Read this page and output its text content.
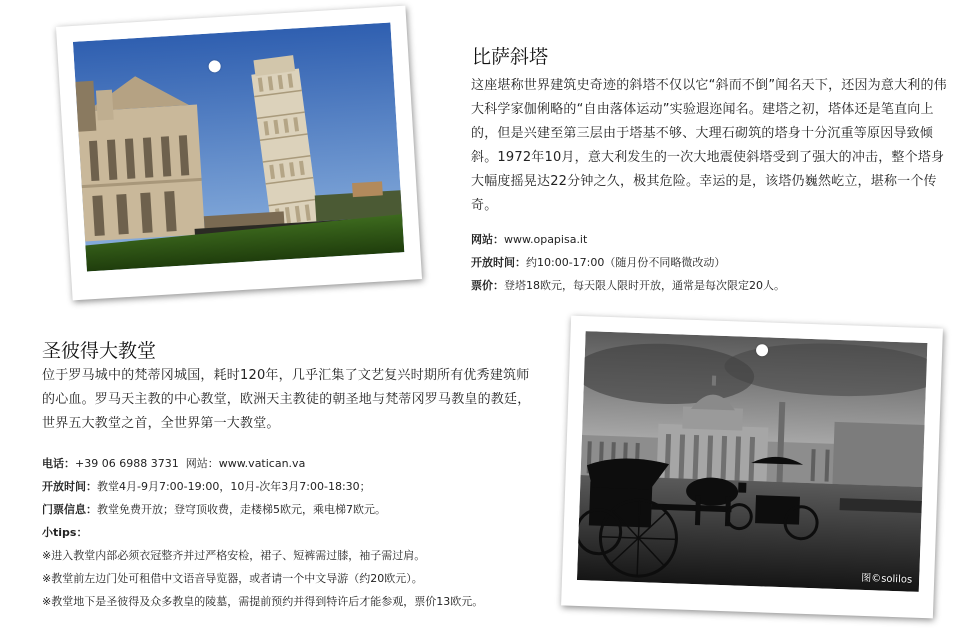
比萨斜塔

这座堪称世界建筑史奇迹的斜塔不仅以它“斜而不倒”闻名天下，还因为意大利的伟大科学家伽俐略的“自由落体运动”实验遐迩闻名。建塔之初，塔体还是笔直向上的，但是兴建至第三层由于塔基不够、大理石砌筑的塔身十分沉重等原因导致倾斜。1972年10月，意大利发生的一次大地震使斜塔受到了强大的冲击，整个塔身大幅度摇晃达22分钟之久，极其危险。幸运的是，该塔仍巍然屹立，堪称一个传奇。

网站：www.opapisa.it
开放时间：约10:00-17:00（随月份不同略微改动）
票价：登塔18欧元，每天限人限时开放，通常是每次限定20人。
圣彼得大教堂

位于罗马城中的梵蒂冈城国，耗时120年，几乎汇集了文艺复兴时期所有优秀建筑师的心血。罗马天主教的中心教堂，欧洲天主教徒的朝圣地与梵蒂冈罗马教皇的教廷，世界五大教堂之首，全世界第一大教堂。

电话：+39 06 6988 3731 网站：www.vatican.va
开放时间：教堂4月-9月7:00-19:00，10月-次年3月7:00-18:30；
门票信息：教堂免费开放；登穹顶收费，走楼梯5欧元，乘电梯7欧元。
小tips：
※进入教堂内部必须衣冠整齐并过严格安检，裙子、短裤需过膝，袖子需过肩。
※教堂前左边门处可租借中文语音导览器，或者请一个中文导游（约20欧元）。
※教堂地下是圣彼得及众多教皇的陵墓，需提前预约并得到特许后才能参观，票价13欧元。
图©solilos
